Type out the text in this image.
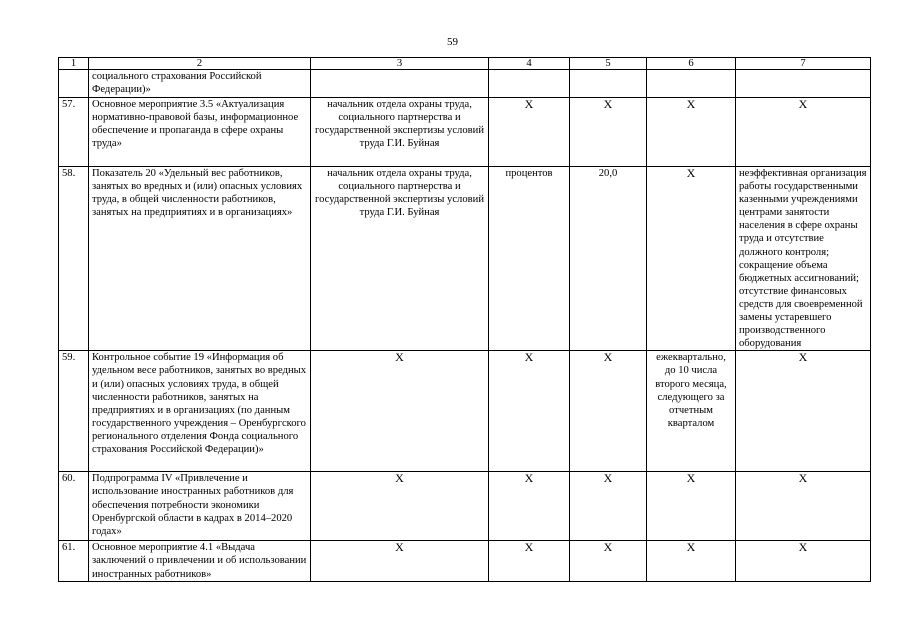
59
1	2	3	4	5	6	7
	социального страхования Российской Федерации)»					
57.	Основное мероприятие 3.5 «Актуализация нормативно-правовой базы, информационное обеспечение и пропаганда в сфере охраны труда»	начальник отдела охраны труда, социального партнерства и государственной экспертизы условий труда Г.И. Буйная	Х	Х	Х	Х
58.	Показатель 20 «Удельный вес работников, занятых во вредных и (или) опасных условиях труда, в общей численности работников, занятых на предприятиях и в организациях»	начальник отдела охраны труда, социального партнерства и государственной экспертизы условий труда Г.И. Буйная	процентов	20,0	Х	неэффективная организация работы государственными казенными учреждениями центрами занятости населения в сфере охраны труда и отсутствие должного контроля; сокращение объема бюджетных ассигнований; отсутствие финансовых средств для своевременной замены устаревшего производственного оборудования
59.	Контрольное событие 19 «Информация об удельном весе работников, занятых во вредных и (или) опасных условиях труда, в общей численности работников, занятых на предприятиях и в организациях (по данным государственного учреждения – Оренбургского регионального отделения Фонда социального страхования Российской Федерации)»	Х	Х	Х	ежеквартально, до 10 числа второго месяца, следующего за отчетным кварталом	Х
60.	Подпрограмма IV «Привлечение и использование иностранных работников для обеспечения потребности экономики Оренбургской области в кадрах в 2014–2020 годах»	Х	Х	Х	Х	Х
61.	Основное мероприятие 4.1 «Выдача заключений о привлечении и об использовании иностранных работников»	Х	Х	Х	Х	Х
